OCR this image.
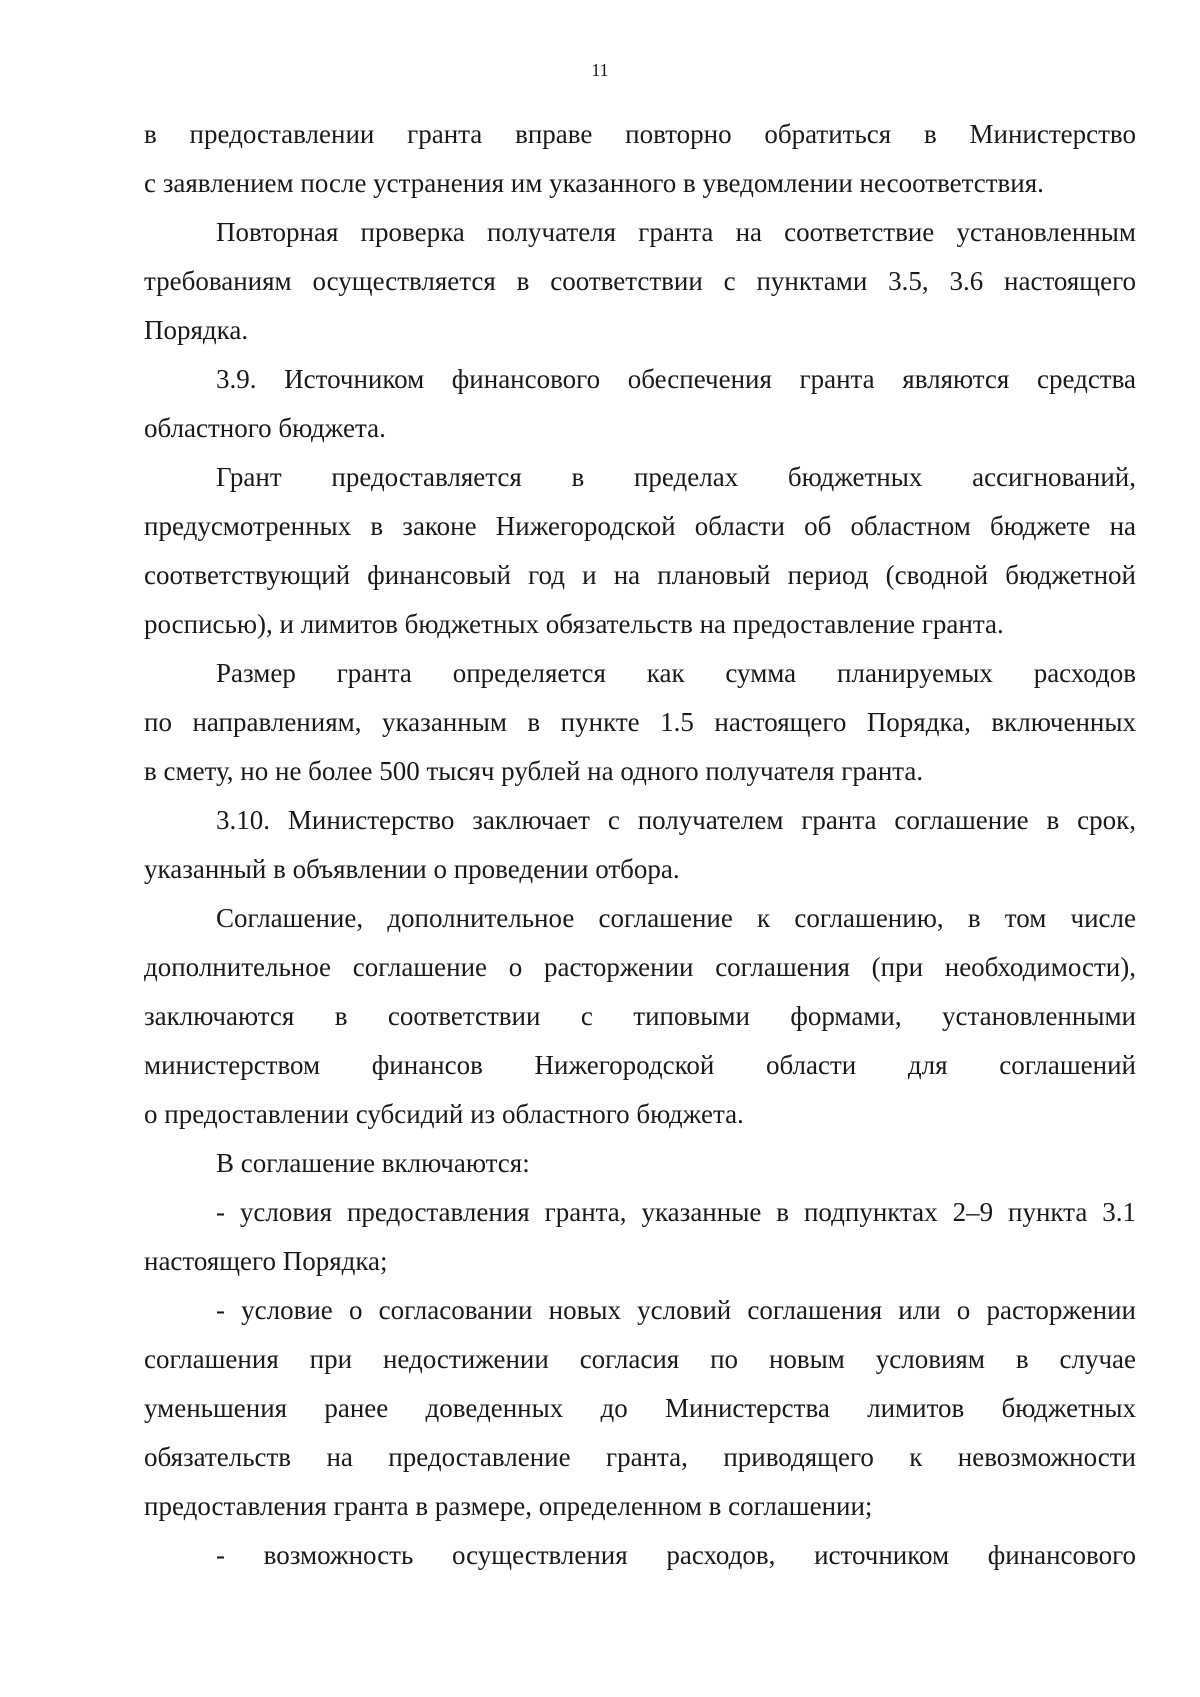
11
в предоставлении гранта вправе повторно обратиться в Министерство
с заявлением после устранения им указанного в уведомлении несоответствия.
Повторная проверка получателя гранта на соответствие установленным
требованиям осуществляется в соответствии с пунктами 3.5, 3.6 настоящего
Порядка.
3.9. Источником финансового обеспечения гранта являются средства
областного бюджета.
Грант предоставляется в пределах бюджетных ассигнований,
предусмотренных в законе Нижегородской области об областном бюджете на
соответствующий финансовый год и на плановый период (сводной бюджетной
росписью), и лимитов бюджетных обязательств на предоставление гранта.
Размер гранта определяется как сумма планируемых расходов
по направлениям, указанным в пункте 1.5 настоящего Порядка, включенных
в смету, но не более 500 тысяч рублей на одного получателя гранта.
3.10. Министерство заключает с получателем гранта соглашение в срок,
указанный в объявлении о проведении отбора.
Соглашение, дополнительное соглашение к соглашению, в том числе
дополнительное соглашение о расторжении соглашения (при необходимости),
заключаются в соответствии с типовыми формами, установленными
министерством финансов Нижегородской области для соглашений
о предоставлении субсидий из областного бюджета.
В соглашение включаются:
- условия предоставления гранта, указанные в подпунктах 2–9 пункта 3.1
настоящего Порядка;
- условие о согласовании новых условий соглашения или о расторжении
соглашения при недостижении согласия по новым условиям в случае
уменьшения ранее доведенных до Министерства лимитов бюджетных
обязательств на предоставление гранта, приводящего к невозможности
предоставления гранта в размере, определенном в соглашении;
- возможность осуществления расходов, источником финансового
